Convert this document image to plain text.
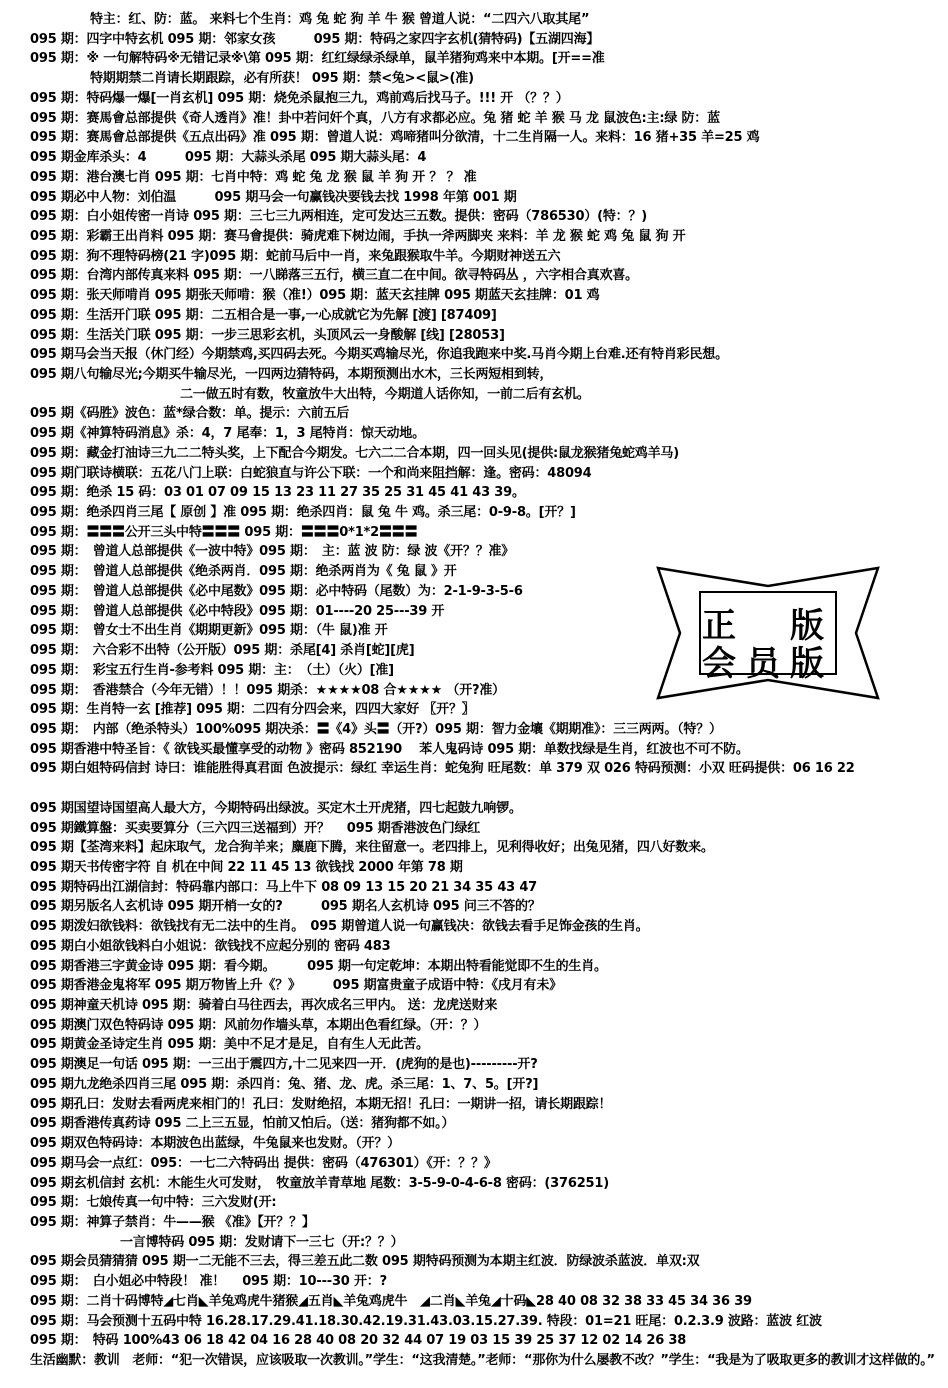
特主：红、防：蓝。 来料七个生肖：鸡 兔 蛇 狗 羊 牛 猴 曾道人说：“二四六八取其尾”
095 期：四字中特玄机 095 期：邻家女孩　　　095 期：特码之家四字玄机(猜特码)【五湖四海】
095 期：※ 一句解特码※无错记录※\第 095 期：红红绿绿杀绿单，鼠羊猪狗鸡来中本期。[开==准
特期期禁二肖请长期跟踪，必有所获！ 095 期：禁<兔><鼠>(准)
095 期：特码爆一爆[一肖玄机] 095 期：烧免杀鼠抱三九，鸡前鸡后找马子。!!! 开 （？？）
095 期：赛馬會总部提供《奇人透肖》准！卦中若问奸个真，八方有求都必应。兔 猪 蛇 羊 猴 马 龙 鼠波色:主:绿 防：蓝
095 期：赛馬會总部提供《五点出码》准 095 期：曾道人说：鸡啼猪叫分欲清，十二生肖隔一人。来料：16 猪+35 羊=25 鸡
095 期金库杀头：4　　　095 期：大蒜头杀尾 095 期大蒜头尾：4
095 期：港台澳七肖 095 期：七肖中特：鸡 蛇 兔 龙 猴 鼠 羊 狗 开 ？ ？ 准
095 期必中人物：刘伯温　　　095 期马会一句赢钱决要钱去找 1998 年第 001 期
095 期：白小姐传密一肖诗 095 期：三七三九两相连，定可发达三五数。提供：密码（786530）(特：？)
095 期：彩霸王出肖料 095 期：赛马會提供：骑虎难下树边闹，手执一斧两脚夹 来料：羊 龙 猴 蛇 鸡 兔 鼠 狗 开
095 期：狗不理特码榜(21 字)095 期：蛇前马后中一肖，来兔跟猴取牛羊。今期财神送五六
095 期：台湾内部传真来料 095 期：一八睇落三五行，横三直二在中间。欲寻特码丛 ，六字相合真欢喜。
095 期：张天师啃肖 095 期张天师啃：猴（准!）095 期：蓝天玄挂牌 095 期蓝天玄挂牌：01 鸡
095 期：生活开门联 095 期：二五相合是一事,一心成就它为先解 [渡] [87409]
095 期：生活关门联 095 期：一步三思彩玄机，头顶风云一身酸解 [线] [28053]
095 期马会当天报（休门经）今期禁鸡,买四码去死。今期买鸡输尽光，你追我跑来中奖.马肖今期上台难.还有特肖彩民想。
095 期八句输尽光;今期买牛输尽光，一四两边猜特码，本期预测出水木，三长两短相到转，
二一做五时有数，牧童放牛大出特，今期道人话你知，一前二后有玄机。
095 期《码胜》波色：蓝*绿合数：单。提示：六前五后
095 期《神算特码消息》杀：4，7 尾奉：1，3 尾特肖：惊天动地。
095 期：藏金打油诗三九二二特头奖，上下配合今期发。七六二二合本期，四一回头见(提供:鼠龙猴猪兔蛇鸡羊马)
095 期门联诗横联：五花八门上联：白蛇狼直与许公下联：一个和尚来阻挡解：逢。密码：48094
095 期：绝杀 15 码：03 01 07 09 15 13 23 11 27 35 25 31 45 41 43 39。
095 期：绝杀四肖三尾【 原创 】准 095 期：绝杀四肖：鼠 兔 牛 鸡。杀三尾：0-9-8。[开？]
095 期：〓〓〓公开三头中特〓〓〓 095 期：〓〓〓0*1*2〓〓〓
095 期：　曾道人总部提供《一波中特》095 期：　主：蓝 波 防：绿 波《开？？准》
095 期：　曾道人总部提供《绝杀两肖．095 期：绝杀两肖为《 兔 鼠 》开
095 期：　曾道人总部提供《必中尾数》095 期：必中特码（尾数）为：2-1-9-3-5-6
095 期：　曾道人总部提供《必中特段》095 期：01----20 25---39 开
095 期：　曾女士不出生肖《期期更新》095 期：（牛 鼠)准 开
095 期：　六合彩不出特（公开版）095 期：杀尾[4] 杀肖[蛇][虎]
095 期：　彩宝五行生肖-参考料 095 期：主：　（土）（火）[准]
095 期：　香港禁合（今年无错）！！095 期杀：★★★★08 合★★★★ （开?准）
095 期：生肖特一玄 [推荐] 095 期：二四有分四会来，四四大家好 〖开？〗
095 期：　内部（绝杀特头）100%095 期决杀：〓《4》头〓（开?）095 期：智力金壤《期期准》：三三两两。（特？）
095 期香港中特圣旨：《 欲钱买最懂享受的动物 》密码 852190　 苯人鬼码诗 095 期：单数找绿是生肖，红波也不可不防。
095 期白姐特码信封 诗曰：谁能胜得真君面 色波提示：绿红 幸运生肖：蛇兔狗 旺尾数：单 379 双 026 特码预测：小双 旺码提供：06 16 22
095 期国望诗国望高人最大方，今期特码出绿波。买定木土开虎猪，四七起鼓九响锣。
095 期鐵算盤：买卖要算分（三六四三送福到）开？　 095 期香港波色门绿红
095 期【荃湾来料】起床取气，龙合狗羊来；麋鹿下腾，来往留意一。老四排上，见利得收好；出兔见猪，四八好数来。
095 期天书传密字符 自 机在中间 22 11 45 13 欲钱找 2000 年第 78 期
095 期特码出江湖信封：特码靠内部口：马上牛下 08 09 13 15 20 21 34 35 43 47
095 期另版名人玄机诗 095 期开梢一女的?　　　095 期名人玄机诗 095 问三不答的？
095 期泼妇欲钱料：欲钱找有无二法中的生肖。　095 期曾道人说一句赢钱决：欲钱去看手足饰金孩的生肖。
095 期白小姐欲钱料白小姐说：欲钱找不应起分别的 密码 483
095 期香港三字黄金诗 095 期：看今期。　　　095 期一句定乾坤：本期出特看能觉即不生的生肖。
095 期香港金鬼将军 095 期万物皆上升《？》　　　095 期富贵童子成语中特：《戌月有未》
095 期神童天机诗 095 期：骑着白马往西去，再次成名三甲内。 送：龙虎送财来
095 期澳门双色特码诗 095 期：风前勿作墙头草，本期出色看红绿。（开：？）
095 期黄金圣诗定生肖 095 期：美中不足才是足，自有生人无此苦。
095 期澳足一句话 095 期：一三出于震四方,十二见来四一开．(虎狗的是也)---------开?
095 期九龙绝杀四肖三尾 095 期：杀四肖：兔、猪、龙、虎。杀三尾：1、7、5。[开?]
095 期孔曰：发财去看两虎来相门的！孔曰：发财绝招，本期无招！孔曰：一期讲一招，请长期跟踪！
095 期香港传真药诗 095 二上三五显，怕前又怕后。（送：猪狗都不如。）
095 期双色特码诗：本期波色出蓝绿，牛兔鼠来也发财。（开？）
095 期马会一点红：095：一七二六特码出 提供：密码（476301）《开：？？》
095 期玄机信封 玄机：木能生火可发财，　牧童放羊青草地 尾数：3-5-9-0-4-6-8 密码：(376251)
095 期：七娘传真一句中特：三六发财(开:
095 期：神算子禁肖：牛——猴 《准》【开？？】
一言博特码 095 期：发财请下一三七（开:？？）
095 期会员猜猜猜 095 期一二无能不三去，得三差五此二数 095 期特码预测为本期主红波．防绿波杀蓝波．单双:双
095 期：　白小姐必中特段！ 准！　 095 期：10---30 开：?
095 期：二肖十码博特◢七肖◣羊兔鸡虎牛猪猴◢五肖◣羊兔鸡虎牛　◢二肖◣羊兔◢十码◣28 40 08 32 38 33 45 34 36 39
095 期：马会预测十五码中特 16.28.17.29.41.18.30.42.19.31.43.03.15.27.39. 特段：01=21 旺尾：0.2.3.9 波路：蓝波 红波
095 期：　特码 100%43 06 18 42 04 16 28 40 08 20 32 44 07 19 03 15 39 25 37 12 02 14 26 38
生活幽默：教训　老师：“犯一次错误，应该吸取一次教训。”学生：“这我清楚。”老师：“那你为什么屡教不改？”学生：“我是为了吸取更多的教训才这样做的。”
正　版
会员版
